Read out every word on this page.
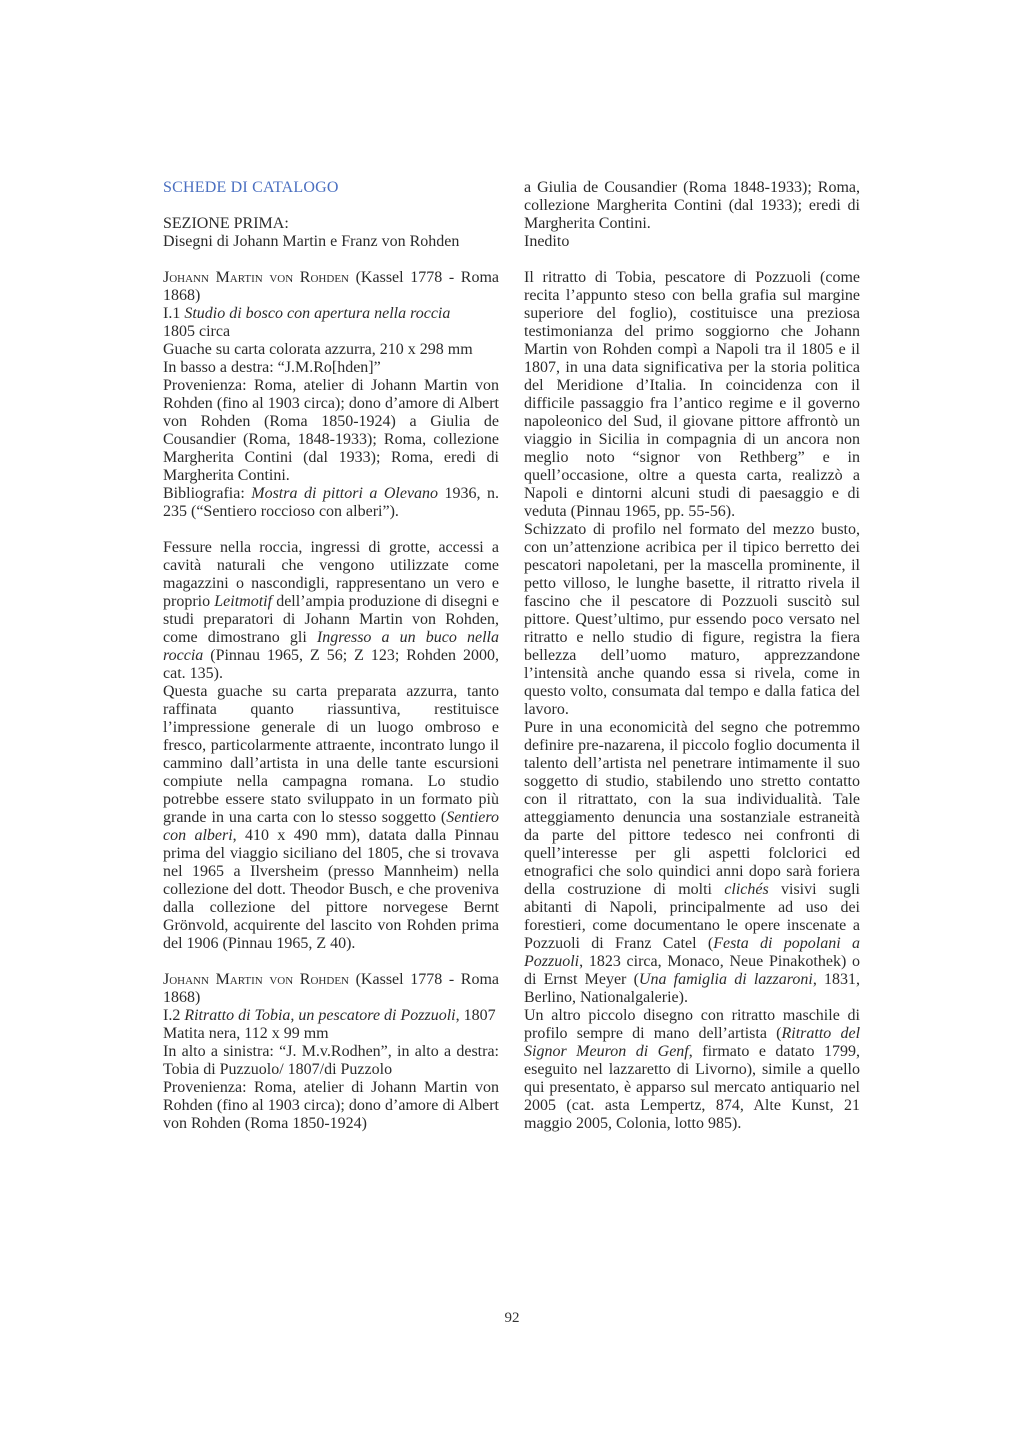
SCHEDE DI CATALOGO

SEZIONE PRIMA:

Disegni di Johann Martin e Franz von Rohden

Johann Martin von Rohden (Kassel 1778 - Roma 1868)

I.1 Studio di bosco con apertura nella roccia

1805 circa

Guache su carta colorata azzurra, 210 x 298 mm

In basso a destra: “J.M.Ro[hden]”

Provenienza: Roma, atelier di Johann Martin von Rohden (fino al 1903 circa); dono d’amore di Albert von Rohden (Roma 1850-1924) a Giulia de Cousandier (Roma, 1848-1933); Roma, collezione Margherita Contini (dal 1933); Roma, eredi di Margherita Contini.

Bibliografia: Mostra di pittori a Olevano 1936, n. 235 (“Sentiero roccioso con alberi”).

Fessure nella roccia, ingressi di grotte, accessi a cavità naturali che vengono utilizzate come magazzini o nascondigli, rappresentano un vero e proprio Leitmotif dell’ampia produzione di disegni e studi preparatori di Johann Martin von Rohden, come dimostrano gli Ingresso a un buco nella roccia (Pinnau 1965, Z 56; Z 123; Rohden 2000, cat. 135).

Questa guache su carta preparata azzurra, tanto raffinata quanto riassuntiva, restituisce l’impressione generale di un luogo ombroso e fresco, particolarmente attraente, incontrato lungo il cammino dall’artista in una delle tante escursioni compiute nella campagna romana. Lo studio potrebbe essere stato sviluppato in un formato più grande in una carta con lo stesso soggetto (Sentiero con alberi, 410 x 490 mm), datata dalla Pinnau prima del viaggio siciliano del 1805, che si trovava nel 1965 a Ilversheim (presso Mannheim) nella collezione del dott. Theodor Busch, e che proveniva dalla collezione del pittore norvegese Bernt Grönvold, acquirente del lascito von Rohden prima del 1906 (Pinnau 1965, Z 40).

Johann Martin von Rohden (Kassel 1778 - Roma 1868)

I.2 Ritratto di Tobia, un pescatore di Pozzuoli, 1807

Matita nera, 112 x 99 mm

In alto a sinistra: “J. M.v.Rodhen”, in alto a destra: Tobia di Puzzuolo/ 1807/di Puzzolo

Provenienza: Roma, atelier di Johann Martin von Rohden (fino al 1903 circa); dono d’amore di Albert von Rohden (Roma 1850-1924)

a Giulia de Cousandier (Roma 1848-1933); Roma, collezione Margherita Contini (dal 1933); eredi di Margherita Contini.

Inedito

Il ritratto di Tobia, pescatore di Pozzuoli (come recita l’appunto steso con bella grafia sul margine superiore del foglio), costituisce una preziosa testimonianza del primo soggiorno che Johann Martin von Rohden compì a Napoli tra il 1805 e il 1807, in una data significativa per la storia politica del Meridione d’Italia. In coincidenza con il difficile passaggio fra l’antico regime e il governo napoleonico del Sud, il giovane pittore affrontò un viaggio in Sicilia in compagnia di un ancora non meglio noto “signor von Rethberg” e in quell’occasione, oltre a questa carta, realizzò a Napoli e dintorni alcuni studi di paesaggio e di veduta (Pinnau 1965, pp. 55-56).

Schizzato di profilo nel formato del mezzo busto, con un’attenzione acribica per il tipico berretto dei pescatori napoletani, per la mascella prominente, il petto villoso, le lunghe basette, il ritratto rivela il fascino che il pescatore di Pozzuoli suscitò sul pittore. Quest’ultimo, pur essendo poco versato nel ritratto e nello studio di figure, registra la fiera bellezza dell’uomo maturo, apprezzandone l’intensità anche quando essa si rivela, come in questo volto, consumata dal tempo e dalla fatica del lavoro.

Pure in una economicità del segno che potremmo definire pre-nazarena, il piccolo foglio documenta il talento dell’artista nel penetrare intimamente il suo soggetto di studio, stabilendo uno stretto contatto con il ritrattato, con la sua individualità. Tale atteggiamento denuncia una sostanziale estraneità da parte del pittore tedesco nei confronti di quell’interesse per gli aspetti folclorici ed etnografici che solo quindici anni dopo sarà foriera della costruzione di molti clichés visivi sugli abitanti di Napoli, principalmente ad uso dei forestieri, come documentano le opere inscenate a Pozzuoli di Franz Catel (Festa di popolani a Pozzuoli, 1823 circa, Monaco, Neue Pinakothek) o di Ernst Meyer (Una famiglia di lazzaroni, 1831, Berlino, Nationalgalerie).

Un altro piccolo disegno con ritratto maschile di profilo sempre di mano dell’artista (Ritratto del Signor Meuron di Genf, firmato e datato 1799, eseguito nel lazzaretto di Livorno), simile a quello qui presentato, è apparso sul mercato antiquario nel 2005 (cat. asta Lempertz, 874, Alte Kunst, 21 maggio 2005, Colonia, lotto 985).

92
